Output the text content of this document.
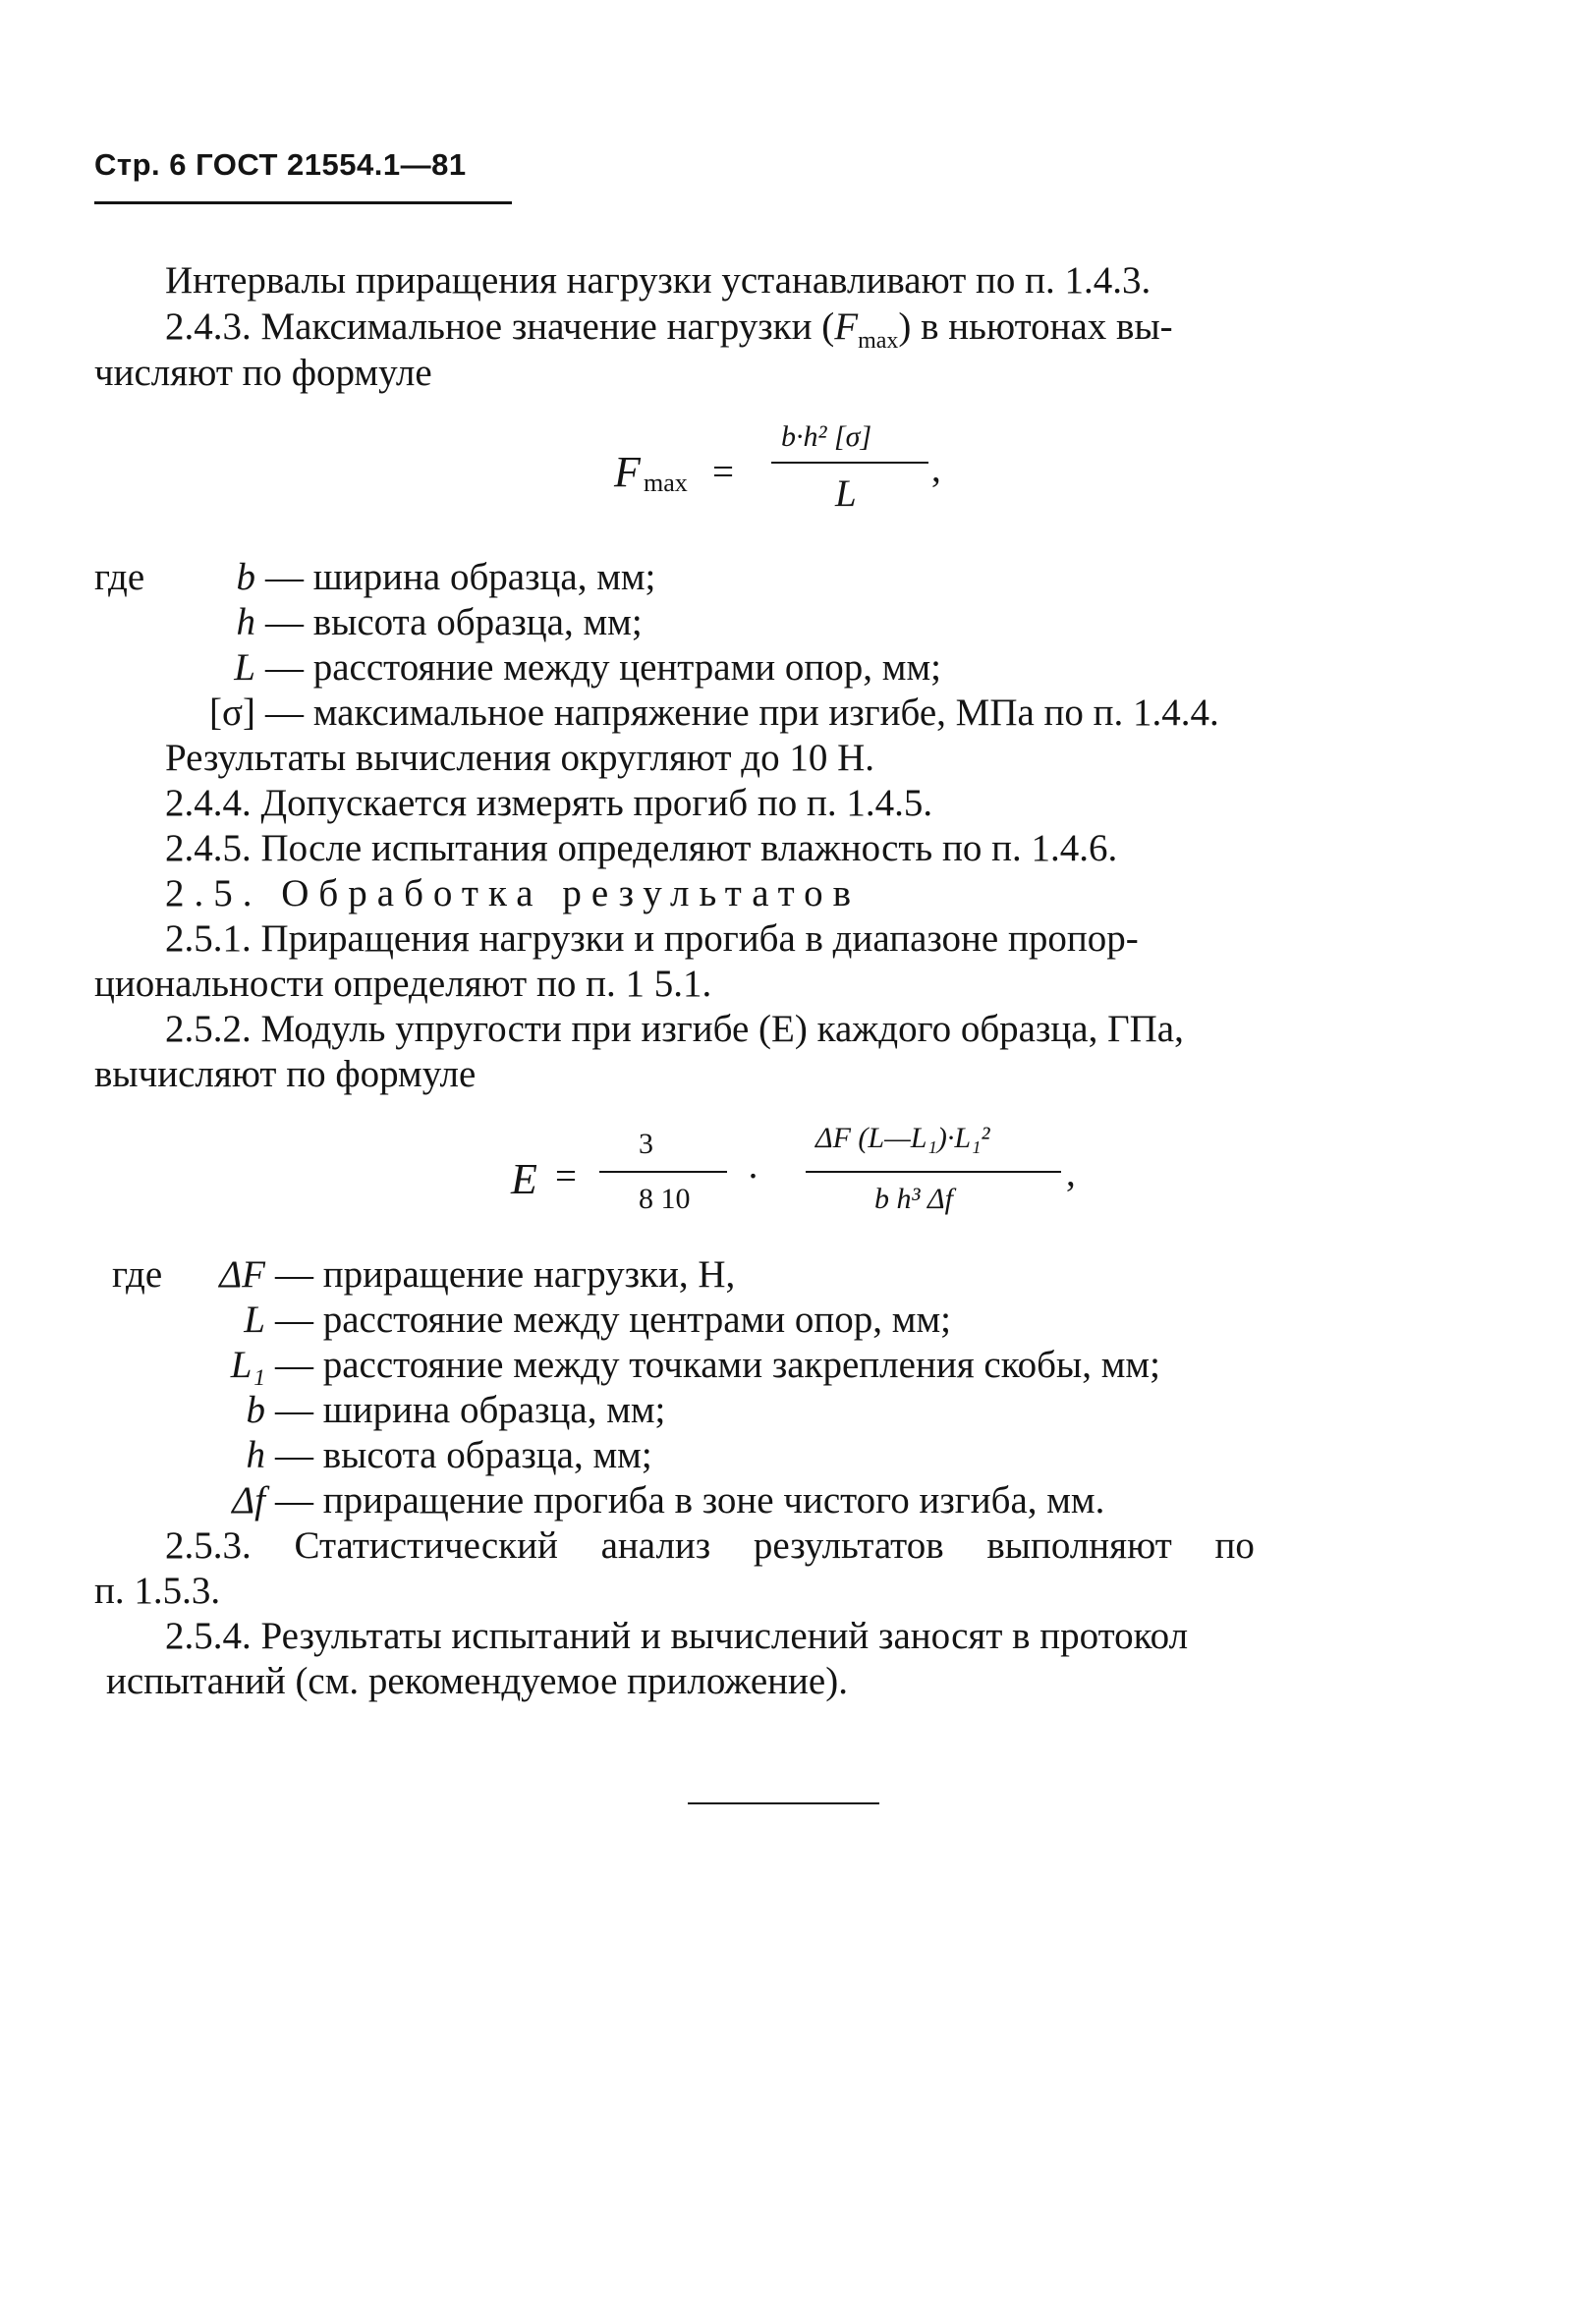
Стр. 6 ГОСТ 21554.1—81
Интервалы приращения нагрузки устанавливают по п. 1.4.3.
2.4.3. Максимальное значение нагрузки $(F_{max})$ в ньютонах вы-
числяют по формуле
F max =
b·h² [σ]
L
,
где	b — ширина образца, мм;
h — высота образца, мм;
L — расстояние между центрами опор, мм;
[σ] — максимальное напряжение при изгибе, МПа по п. 1.4.4.
Результаты вычисления округляют до 10 Н.
2.4.4. Допускается измерять прогиб по п. 1.4.5.
2.4.5. После испытания определяют влажность по п. 1.4.6.
2.5. Обработка результатов
2.5.1. Приращения нагрузки и прогиба в диапазоне пропор-
циональности определяют по п. 1 5.1.
2.5.2. Модуль упругости при изгибе (E) каждого образца, ГПа,
вычисляют по формуле
E =
3
8 10
·
ΔF (L—L₁)·L₁²
b h³ Δf
,
где	ΔF — приращение нагрузки, Н,
L — расстояние между центрами опор, мм;
L₁ — расстояние между точками закрепления скобы, мм;
b — ширина образца, мм;
h — высота образца, мм;
Δf — приращение прогиба в зоне чистого изгиба, мм.
2.5.3. Статистический анализ результатов выполняют по
п. 1.5.3.
2.5.4. Результаты испытаний и вычислений заносят в протокол
испытаний (см. рекомендуемое приложение).
